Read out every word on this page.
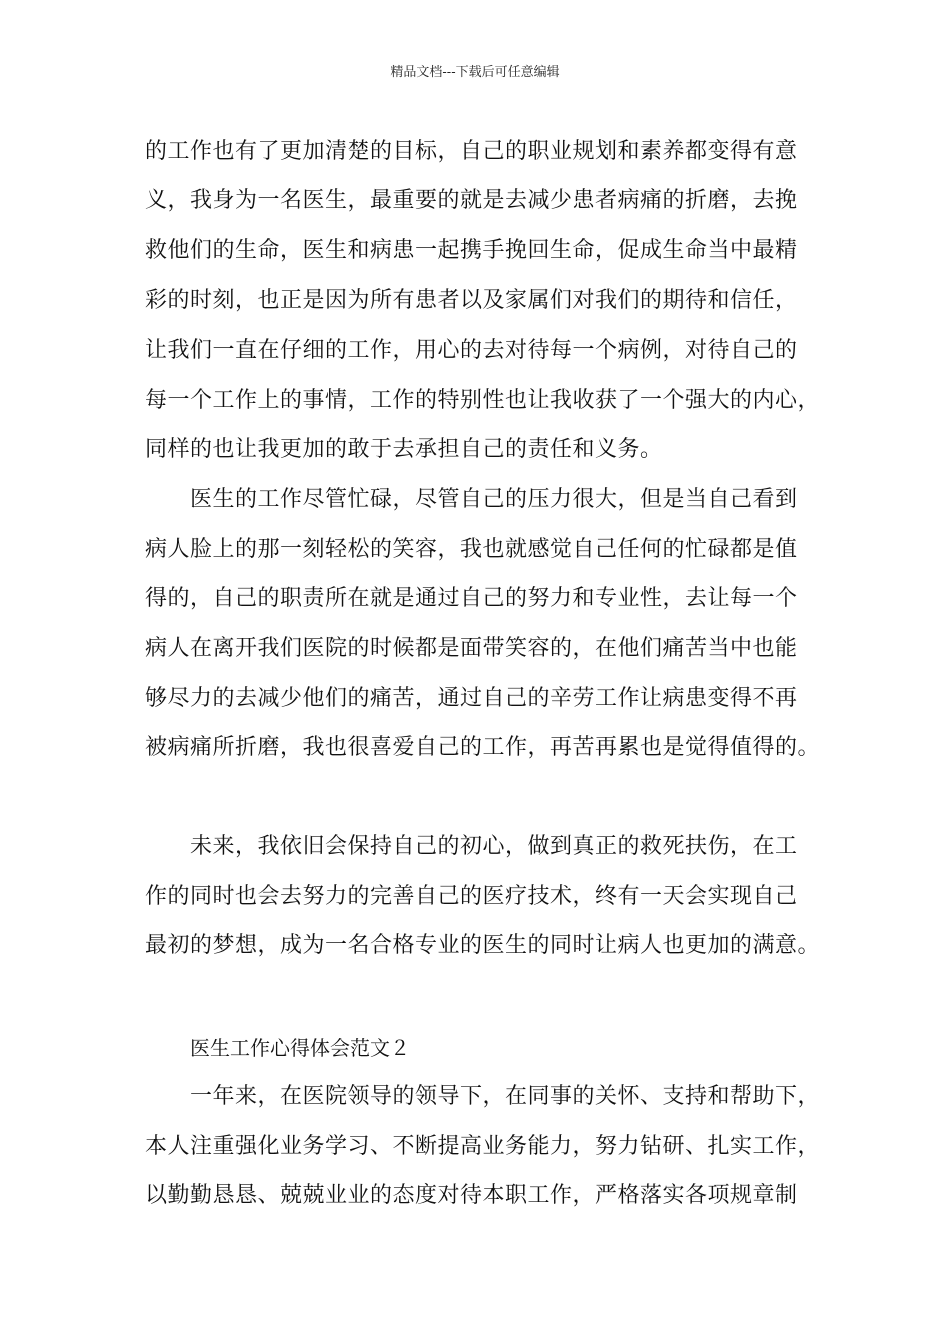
精品文档---下载后可任意编辑
的工作也有了更加清楚的目标，自己的职业规划和素养都变得有意
义，我身为一名医生，最重要的就是去减少患者病痛的折磨，去挽
救他们的生命，医生和病患一起携手挽回生命，促成生命当中最精
彩的时刻，也正是因为所有患者以及家属们对我们的期待和信任，
让我们一直在仔细的工作，用心的去对待每一个病例，对待自己的
每一个工作上的事情，工作的特别性也让我收获了一个强大的内心，
同样的也让我更加的敢于去承担自己的责任和义务。
医生的工作尽管忙碌，尽管自己的压力很大，但是当自己看到
病人脸上的那一刻轻松的笑容，我也就感觉自己任何的忙碌都是值
得的，自己的职责所在就是通过自己的努力和专业性，去让每一个
病人在离开我们医院的时候都是面带笑容的，在他们痛苦当中也能
够尽力的去减少他们的痛苦，通过自己的辛劳工作让病患变得不再
被病痛所折磨，我也很喜爱自己的工作，再苦再累也是觉得值得的。
未来，我依旧会保持自己的初心，做到真正的救死扶伤，在工
作的同时也会去努力的完善自己的医疗技术，终有一天会实现自己
最初的梦想，成为一名合格专业的医生的同时让病人也更加的满意。
医生工作心得体会范文２
一年来，在医院领导的领导下，在同事的关怀、支持和帮助下，
本人注重强化业务学习、不断提高业务能力，努力钻研、扎实工作，
以勤勤恳恳、兢兢业业的态度对待本职工作，严格落实各项规章制
